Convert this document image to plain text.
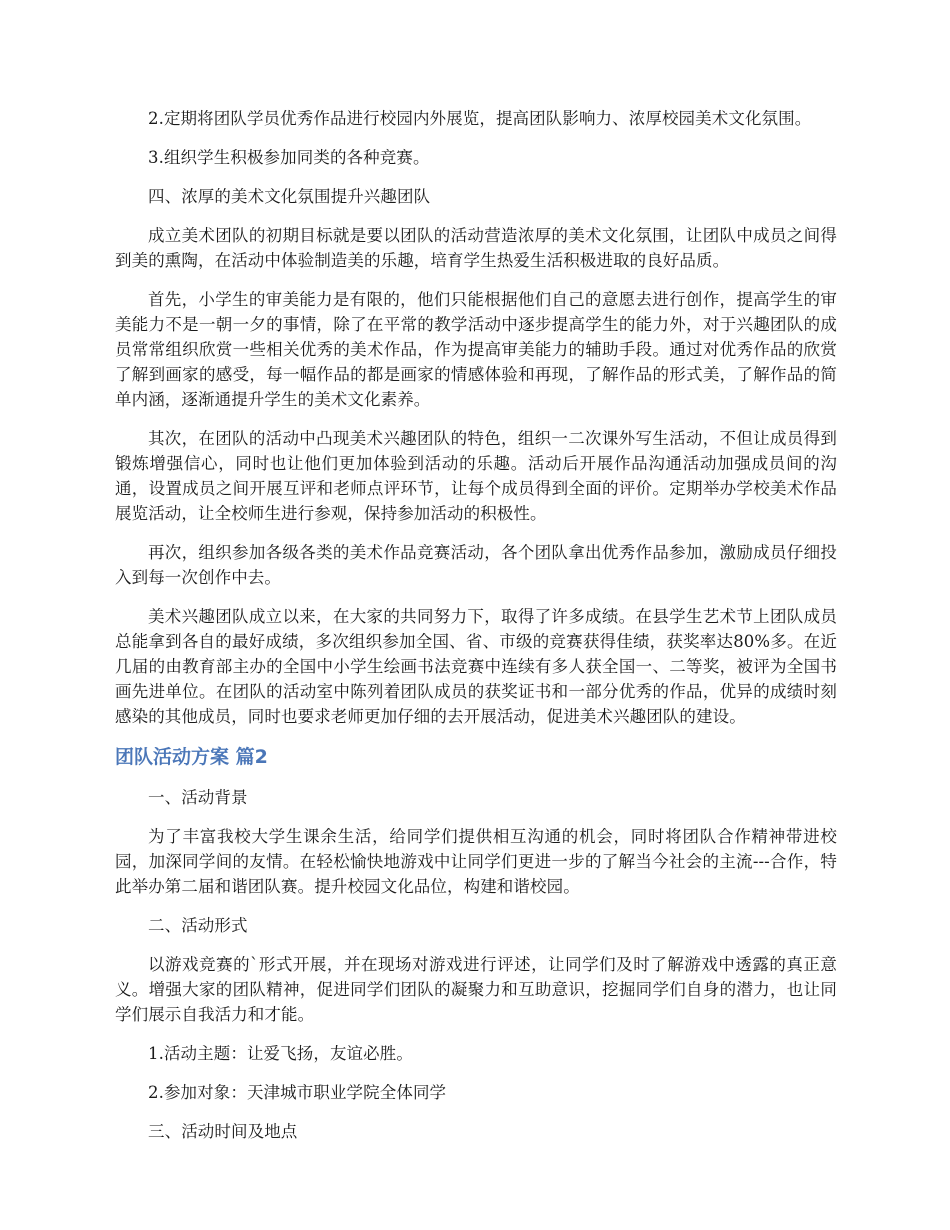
2.定期将团队学员优秀作品进行校园内外展览，提高团队影响力、浓厚校园美术文化氛围。

3.组织学生积极参加同类的各种竞赛。

四、浓厚的美术文化氛围提升兴趣团队

成立美术团队的初期目标就是要以团队的活动营造浓厚的美术文化氛围，让团队中成员之间得到美的熏陶，在活动中体验制造美的乐趣，培育学生热爱生活积极进取的良好品质。

首先，小学生的审美能力是有限的，他们只能根据他们自己的意愿去进行创作，提高学生的审美能力不是一朝一夕的事情，除了在平常的教学活动中逐步提高学生的能力外，对于兴趣团队的成员常常组织欣赏一些相关优秀的美术作品，作为提高审美能力的辅助手段。通过对优秀作品的欣赏了解到画家的感受，每一幅作品的都是画家的情感体验和再现，了解作品的形式美，了解作品的简单内涵，逐渐通提升学生的美术文化素养。

其次，在团队的活动中凸现美术兴趣团队的特色，组织一二次课外写生活动，不但让成员得到锻炼增强信心，同时也让他们更加体验到活动的乐趣。活动后开展作品沟通活动加强成员间的沟通，设置成员之间开展互评和老师点评环节，让每个成员得到全面的评价。定期举办学校美术作品展览活动，让全校师生进行参观，保持参加活动的积极性。

再次，组织参加各级各类的美术作品竞赛活动，各个团队拿出优秀作品参加，激励成员仔细投入到每一次创作中去。

美术兴趣团队成立以来，在大家的共同努力下，取得了许多成绩。在县学生艺术节上团队成员总能拿到各自的最好成绩，多次组织参加全国、省、市级的竞赛获得佳绩，获奖率达80%多。在近几届的由教育部主办的全国中小学生绘画书法竞赛中连续有多人获全国一、二等奖，被评为全国书画先进单位。在团队的活动室中陈列着团队成员的获奖证书和一部分优秀的作品，优异的成绩时刻感染的其他成员，同时也要求老师更加仔细的去开展活动，促进美术兴趣团队的建设。

团队活动方案 篇2

一、活动背景

为了丰富我校大学生课余生活，给同学们提供相互沟通的机会，同时将团队合作精神带进校园，加深同学间的友情。在轻松愉快地游戏中让同学们更进一步的了解当今社会的主流---合作，特此举办第二届和谐团队赛。提升校园文化品位，构建和谐校园。

二、活动形式

以游戏竞赛的`形式开展，并在现场对游戏进行评述，让同学们及时了解游戏中透露的真正意义。增强大家的团队精神，促进同学们团队的凝聚力和互助意识，挖掘同学们自身的潜力，也让同学们展示自我活力和才能。

1.活动主题：让爱飞扬，友谊必胜。

2.参加对象：天津城市职业学院全体同学

三、活动时间及地点
